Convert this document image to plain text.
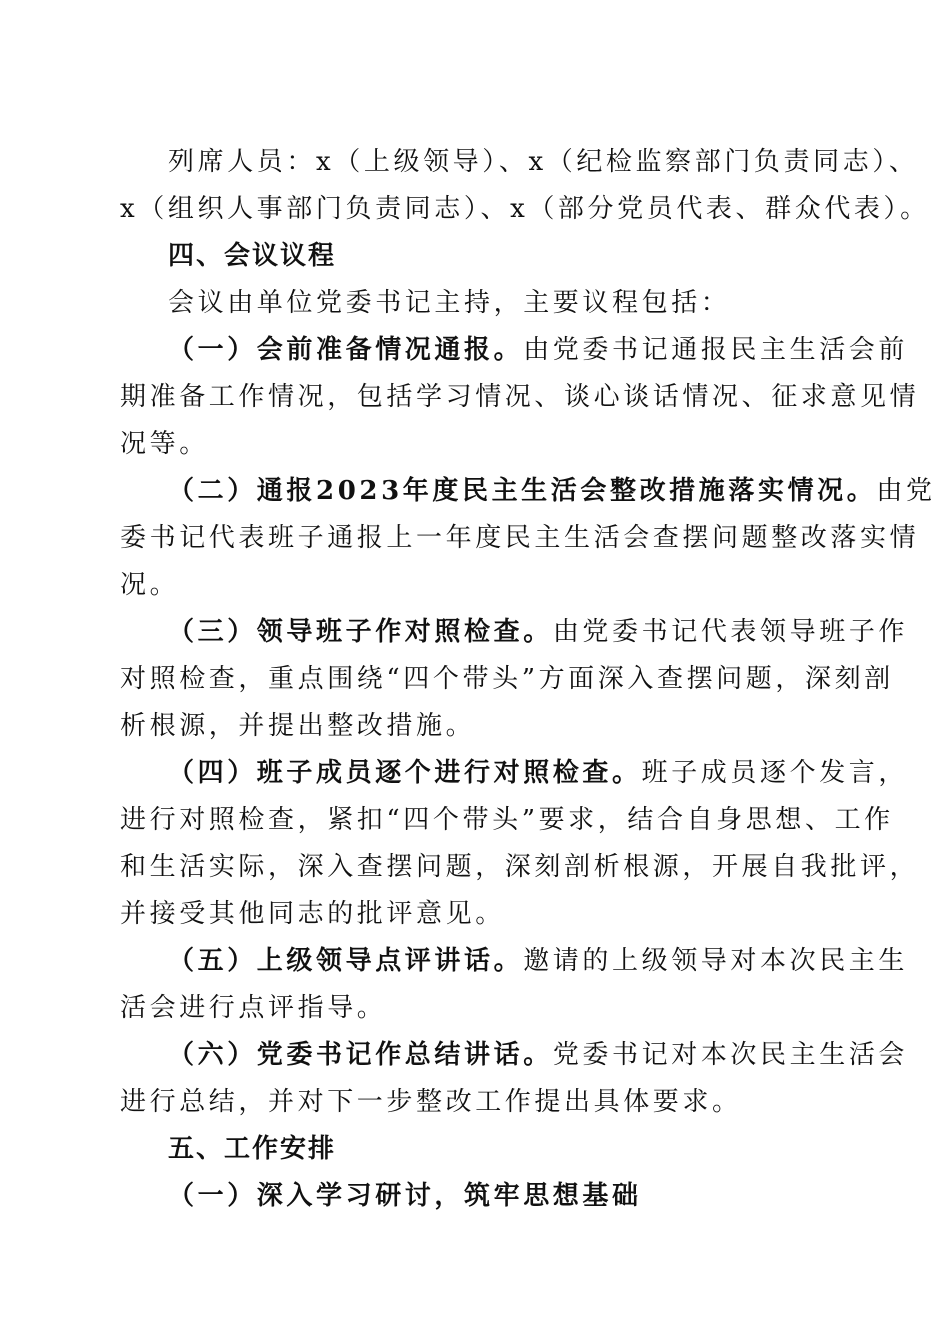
列席人员：x（上级领导）、x（纪检监察部门负责同志）、
x（组织人事部门负责同志）、x（部分党员代表、群众代表）。
四、会议议程
会议由单位党委书记主持，主要议程包括：
（一）会前准备情况通报。由党委书记通报民主生活会前
期准备工作情况，包括学习情况、谈心谈话情况、征求意见情
况等。
（二）通报2023年度民主生活会整改措施落实情况。由党
委书记代表班子通报上一年度民主生活会查摆问题整改落实情
况。
（三）领导班子作对照检查。由党委书记代表领导班子作
对照检查，重点围绕“四个带头”方面深入查摆问题，深刻剖
析根源，并提出整改措施。
（四）班子成员逐个进行对照检查。班子成员逐个发言，
进行对照检查，紧扣“四个带头”要求，结合自身思想、工作
和生活实际，深入查摆问题，深刻剖析根源，开展自我批评，
并接受其他同志的批评意见。
（五）上级领导点评讲话。邀请的上级领导对本次民主生
活会进行点评指导。
（六）党委书记作总结讲话。党委书记对本次民主生活会
进行总结，并对下一步整改工作提出具体要求。
五、工作安排
（一）深入学习研讨，筑牢思想基础
